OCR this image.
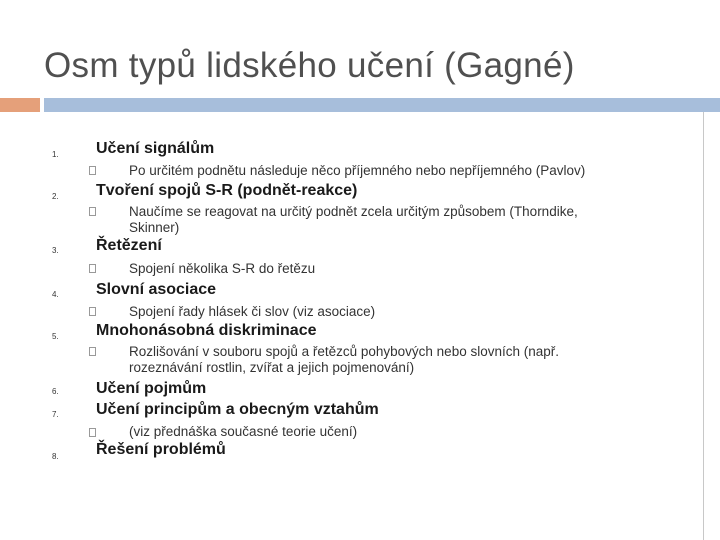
Osm typů lidského učení (Gagné)
1. Učení signálům
Po určitém podnětu následuje něco příjemného nebo nepříjemného (Pavlov)
2. Tvoření spojů S-R (podnět-reakce)
Naučíme se reagovat na určitý podnět zcela určitým způsobem (Thorndike,
Skinner)
3. Řetězení
Spojení několika S-R do řetězu
4. Slovní asociace
Spojení řady hlásek či slov (viz asociace)
5. Mnohonásobná diskriminace
Rozlišování v souboru spojů a řetězců pohybových nebo slovních (např.
rozeznávání rostlin, zvířat a jejich pojmenování)
6. Učení pojmům
7. Učení principům a obecným vztahům
(viz přednáška současné teorie učení)
8. Řešení problémů
